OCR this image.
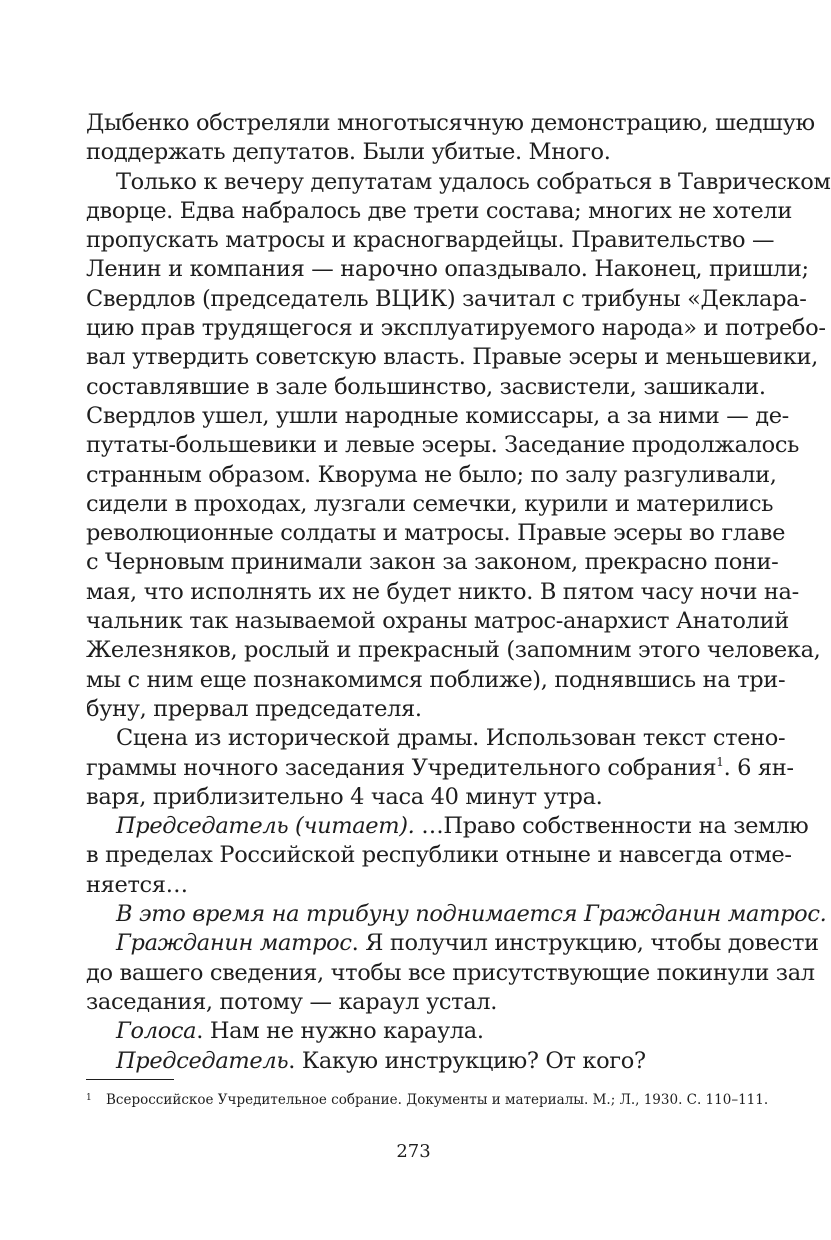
Дыбенко обстреляли многотысячную демонстрацию, шедшую
поддержать депутатов. Были убитые. Много.
Только к вечеру депутатам удалось собраться в Таврическом
дворце. Едва набралось две трети состава; многих не хотели
пропускать матросы и красногвардейцы. Правительство —
Ленин и компания — нарочно опаздывало. Наконец, пришли;
Свердлов (председатель ВЦИК) зачитал с трибуны «Деклара-
цию прав трудящегося и эксплуатируемого народа» и потребо-
вал утвердить советскую власть. Правые эсеры и меньшевики,
составлявшие в зале большинство, засвистели, зашикали.
Свердлов ушел, ушли народные комиссары, а за ними — де-
путаты-большевики и левые эсеры. Заседание продолжалось
странным образом. Кворума не было; по залу разгуливали,
сидели в проходах, лузгали семечки, курили и матерились
революционные солдаты и матросы. Правые эсеры во главе
с Черновым принимали закон за законом, прекрасно пони-
мая, что исполнять их не будет никто. В пятом часу ночи на-
чальник так называемой охраны матрос-анархист Анатолий
Железняков, рослый и прекрасный (запомним этого человека,
мы с ним еще познакомимся поближе), поднявшись на три-
буну, прервал председателя.
Сцена из исторической драмы. Использован текст стено-
граммы ночного заседания Учредительного собрания$^1$. 6 ян-
варя, приблизительно 4 часа 40 минут утра.
Председатель (читает). …Право собственности на землю
в пределах Российской республики отныне и навсегда отме-
няется…
В это время на трибуну поднимается Гражданин матрос.
Гражданин матрос. Я получил инструкцию, чтобы довести
до вашего сведения, чтобы все присутствующие покинули зал
заседания, потому — караул устал.
Голоса. Нам не нужно караула.
Председатель. Какую инструкцию? От кого?
1 Всероссийское Учредительное собрание. Документы и материалы. М.; Л., 1930. С. 110–111.
273
